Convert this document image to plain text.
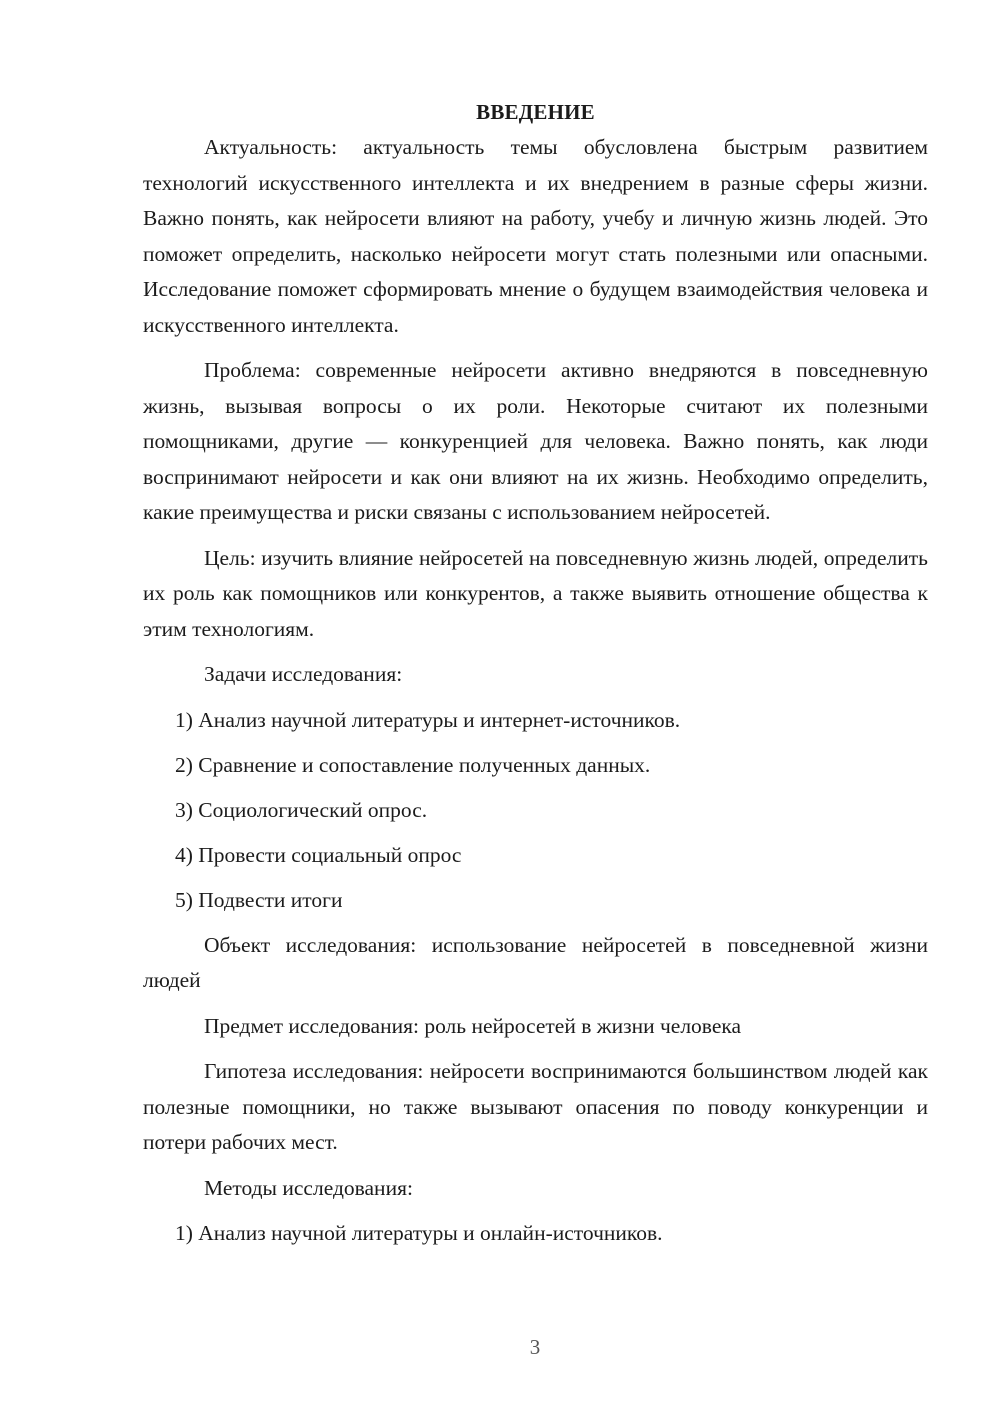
ВВЕДЕНИЕ
Актуальность: актуальность темы обусловлена быстрым развитием технологий искусственного интеллекта и их внедрением в разные сферы жизни. Важно понять, как нейросети влияют на работу, учебу и личную жизнь людей. Это поможет определить, насколько нейросети могут стать полезными или опасными. Исследование поможет сформировать мнение о будущем взаимодействия человека и искусственного интеллекта.
Проблема: современные нейросети активно внедряются в повседневную жизнь, вызывая вопросы о их роли. Некоторые считают их полезными помощниками, другие — конкуренцией для человека. Важно понять, как люди воспринимают нейросети и как они влияют на их жизнь. Необходимо определить, какие преимущества и риски связаны с использованием нейросетей.
Цель: изучить влияние нейросетей на повседневную жизнь людей, определить их роль как помощников или конкурентов, а также выявить отношение общества к этим технологиям.
Задачи исследования:
1) Анализ научной литературы и интернет-источников.
2) Сравнение и сопоставление полученных данных.
3) Социологический опрос.
4) Провести социальный опрос
5) Подвести итоги
Объект исследования: использование нейросетей в повседневной жизни людей
Предмет исследования: роль нейросетей в жизни человека
Гипотеза исследования: нейросети воспринимаются большинством людей как полезные помощники, но также вызывают опасения по поводу конкуренции и потери рабочих мест.
Методы исследования:
1) Анализ научной литературы и онлайн-источников.
3
